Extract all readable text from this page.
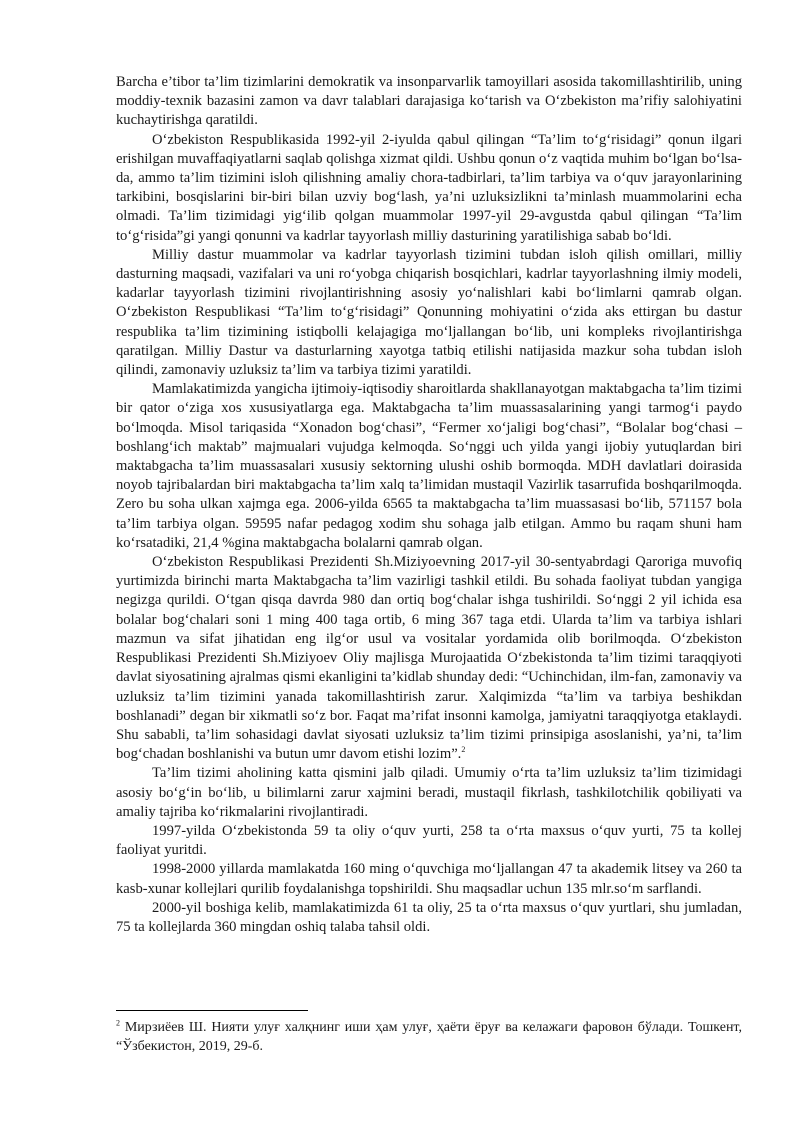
Barcha e’tibor ta’lim tizimlarini demokratik va insonparvarlik tamoyillari asosida takomillashtirilib, uning moddiy-texnik bazasini zamon va davr talablari darajasiga ko‘tarish va O‘zbekiston ma’rifiy salohiyatini kuchaytirishga qaratildi.

O‘zbekiston Respublikasida 1992-yil 2-iyulda qabul qilingan “Ta’lim to‘g‘risidagi” qonun ilgari erishilgan muvaffaqiyatlarni saqlab qolishga xizmat qildi. Ushbu qonun o‘z vaqtida muhim bo‘lgan bo‘lsa-da, ammo ta’lim tizimini isloh qilishning amaliy chora-tadbirlari, ta’lim tarbiya va o‘quv jarayonlarining tarkibini, bosqislarini bir-biri bilan uzviy bog‘lash, ya’ni uzluksizlikni ta’minlash muammolarini echa olmadi. Ta’lim tizimidagi yig‘ilib qolgan muammolar 1997-yil 29-avgustda qabul qilingan “Ta’lim to‘g‘risida”gi yangi qonunni va kadrlar tayyorlash milliy dasturining yaratilishiga sabab bo‘ldi.

Milliy dastur muammolar va kadrlar tayyorlash tizimini tubdan isloh qilish omillari, milliy dasturning maqsadi, vazifalari va uni ro‘yobga chiqarish bosqichlari, kadrlar tayyorlashning ilmiy modeli, kadarlar tayyorlash tizimini rivojlantirishning asosiy yo‘nalishlari kabi bo‘limlarni qamrab olgan. O‘zbekiston Respublikasi “Ta’lim to‘g‘risidagi” Qonunning mohiyatini o‘zida aks ettirgan bu dastur respublika ta’lim tizimining istiqbolli kelajagiga mo‘ljallangan bo‘lib, uni kompleks rivojlantirishga qaratilgan. Milliy Dastur va dasturlarning xayotga tatbiq etilishi natijasida mazkur soha tubdan isloh qilindi, zamonaviy uzluksiz ta’lim va tarbiya tizimi yaratildi.

Mamlakatimizda yangicha ijtimoiy-iqtisodiy sharoitlarda shakllanayotgan maktabgacha ta’lim tizimi bir qator o‘ziga xos xususiyatlarga ega. Maktabgacha ta’lim muassasalarining yangi tarmog‘i paydo bo‘lmoqda. Misol tariqasida “Xonadon bog‘chasi”, “Fermer xo‘jaligi bog‘chasi”, “Bolalar bog‘chasi – boshlang‘ich maktab” majmualari vujudga kelmoqda. So‘nggi uch yilda yangi ijobiy yutuqlardan biri maktabgacha ta’lim muassasalari xususiy sektorning ulushi oshib bormoqda. MDH davlatlari doirasida noyob tajribalardan biri maktabgacha ta’lim xalq ta’limidan mustaqil Vazirlik tasarrufida boshqarilmoqda. Zero bu soha ulkan xajmga ega. 2006-yilda 6565 ta maktabgacha ta’lim muassasasi bo‘lib, 571157 bola ta’lim tarbiya olgan. 59595 nafar pedagog xodim shu sohaga jalb etilgan. Ammo bu raqam shuni ham ko‘rsatadiki, 21,4 %gina maktabgacha bolalarni qamrab olgan.

O‘zbekiston Respublikasi Prezidenti Sh.Miziyoevning 2017-yil 30-sentyabrdagi Qaroriga muvofiq yurtimizda birinchi marta Maktabgacha ta’lim vazirligi tashkil etildi. Bu sohada faoliyat tubdan yangiga negizga qurildi. O‘tgan qisqa davrda 980 dan ortiq bog‘chalar ishga tushirildi. So‘nggi 2 yil ichida esa bolalar bog‘chalari soni 1 ming 400 taga ortib, 6 ming 367 taga etdi. Ularda ta’lim va tarbiya ishlari mazmun va sifat jihatidan eng ilg‘or usul va vositalar yordamida olib borilmoqda. O‘zbekiston Respublikasi Prezidenti Sh.Miziyoev Oliy majlisga Murojaatida O‘zbekistonda ta’lim tizimi taraqqiyoti davlat siyosatining ajralmas qismi ekanligini ta’kidlab shunday dedi: “Uchinchidan, ilm-fan, zamonaviy va uzluksiz ta’lim tizimini yanada takomillashtirish zarur. Xalqimizda “ta’lim va tarbiya beshikdan boshlanadi” degan bir xikmatli so‘z bor. Faqat ma’rifat insonni kamolga, jamiyatni taraqqiyotga etaklaydi. Shu sababli, ta’lim sohasidagi davlat siyosati uzluksiz ta’lim tizimi prinsipiga asoslanishi, ya’ni, ta’lim bog‘chadan boshlanishi va butun umr davom etishi lozim”.$^2$

Ta’lim tizimi aholining katta qismini jalb qiladi. Umumiy o‘rta ta’lim uzluksiz ta’lim tizimidagi asosiy bo‘g‘in bo‘lib, u bilimlarni zarur xajmini beradi, mustaqil fikrlash, tashkilotchilik qobiliyati va amaliy tajriba ko‘rikmalarini rivojlantiradi.

1997-yilda O‘zbekistonda 59 ta oliy o‘quv yurti, 258 ta o‘rta maxsus o‘quv yurti, 75 ta kollej faoliyat yuritdi.

1998-2000 yillarda mamlakatda 160 ming o‘quvchiga mo‘ljallangan 47 ta akademik litsey va 260 ta kasb-xunar kollejlari qurilib foydalanishga topshirildi. Shu maqsadlar uchun 135 mlr.so‘m sarflandi.

2000-yil boshiga kelib, mamlakatimizda 61 ta oliy, 25 ta o‘rta maxsus o‘quv yurtlari, shu jumladan, 75 ta kollejlarda 360 mingdan oshiq talaba tahsil oldi.

$^2$ Мирзиёев Ш. Нияти улуғ халқнинг иши ҳам улуғ, ҳаёти ёруғ ва келажаги фаровон бўлади. Тошкент, “Ўзбекистон, 2019, 29-б.
